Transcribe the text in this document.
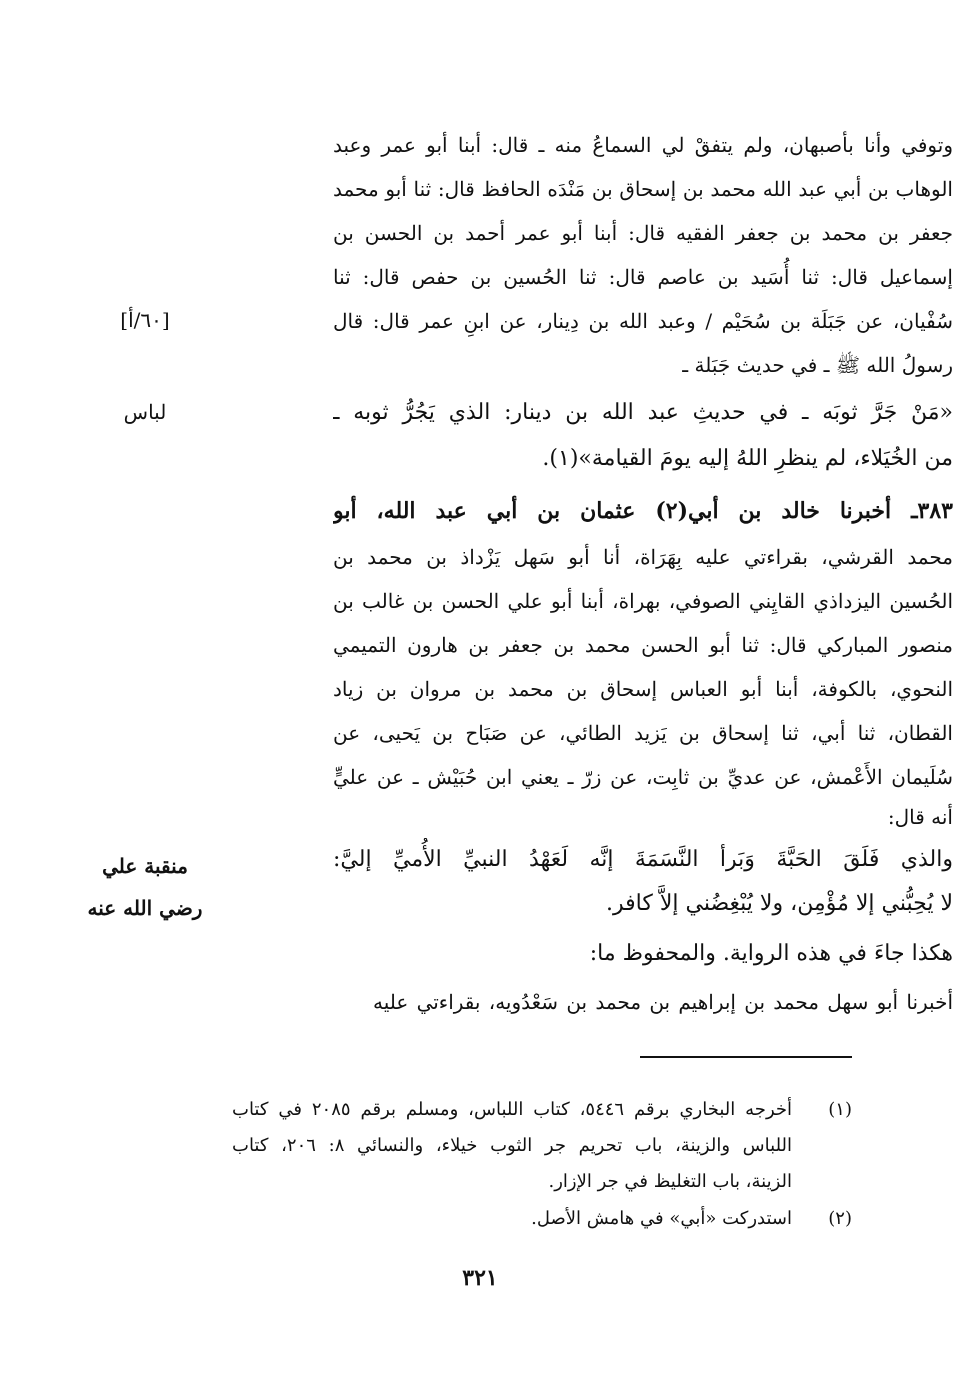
وتوفي وأنا بأصبهان، ولم يتفقْ لي السماعُ منه ـ قال: أبنا أبو عمر وعبد
الوهاب بن أبي عبد الله محمد بن إسحاق بن مَنْدَه الحافظ قال: ثنا أبو محمد
جعفر بن محمد بن جعفر الفقيه قال: أبنا أبو عمر أحمد بن الحسن بن
إسماعيل قال: ثنا أُسَيد بن عاصم قال: ثنا الحُسين بن حفص قال: ثنا
سُفْيان، عن جَبَلَة بن سُحَيْم / وعبد الله بن دِينار، عن ابنِ عمر قال: قال
رسولُ الله ﷺ ـ في حديث جَبَلة ـ
«مَنْ جَرَّ ثوبَه ـ في حديثِ عبد الله بن دينار: الذي يَجُرُّ ثوبه ـ
من الخُيَلاء، لم ينظرِ اللهُ إليه يومَ القيامة»(١).
٣٨٣ـ أخبرنا خالد بن أبي(٢) عثمان بن أبي عبد الله، أبو
محمد القرشي، بقراءتي عليه بِهَرَاة، أنا أبو سَهل يَزْداذ بن محمد بن
الحُسين اليزداذي القايِني الصوفي، بهراة، أبنا أبو علي الحسن بن غالب بن
منصور المباركي قال: ثنا أبو الحسن محمد بن جعفر بن هارون التميمي
النحوي، بالكوفة، أبنا أبو العباس إسحاق بن محمد بن مروان بن زياد
القطان، ثنا أبي، ثنا إسحاق بن يَزيد الطائي، عن صَبَاح بن يَحيى، عن
سُلَيمان الأَعْمش، عن عديِّ بن ثابِت، عن زرّ ـ يعني ابن حُبَيْش ـ عن عليٍّ
أنه قال:
والذي فَلَقَ الحَبَّةَ وَبَرأ النَّسَمَةَ إنَّه لَعَهْدُ النبيِّ الأُميِّ إليَّ:
لا يُحِبُّني إلا مُؤْمِن، ولا يُبْغِضُني إلاَّ كافر.
هكذا جاءَ في هذه الرواية. والمحفوظ ما:
أخبرنا أبو سهل محمد بن إبراهيم بن محمد بن سَعْدُويه، بقراءتي عليه
[٦٠/أ]
لباس
منقبة علي
رضي الله عنه
(١)
أخرجه البخاري برقم ٥٤٤٦، كتاب اللباس، ومسلم برقم ٢٠٨٥ في كتاب
اللباس والزينة، باب تحريم جر الثوب خيلاء، والنسائي ٨: ٢٠٦، كتاب
الزينة، باب التغليظ في جر الإزار.
(٢)
استدركت «أبي» في هامش الأصل.
٣٢١
